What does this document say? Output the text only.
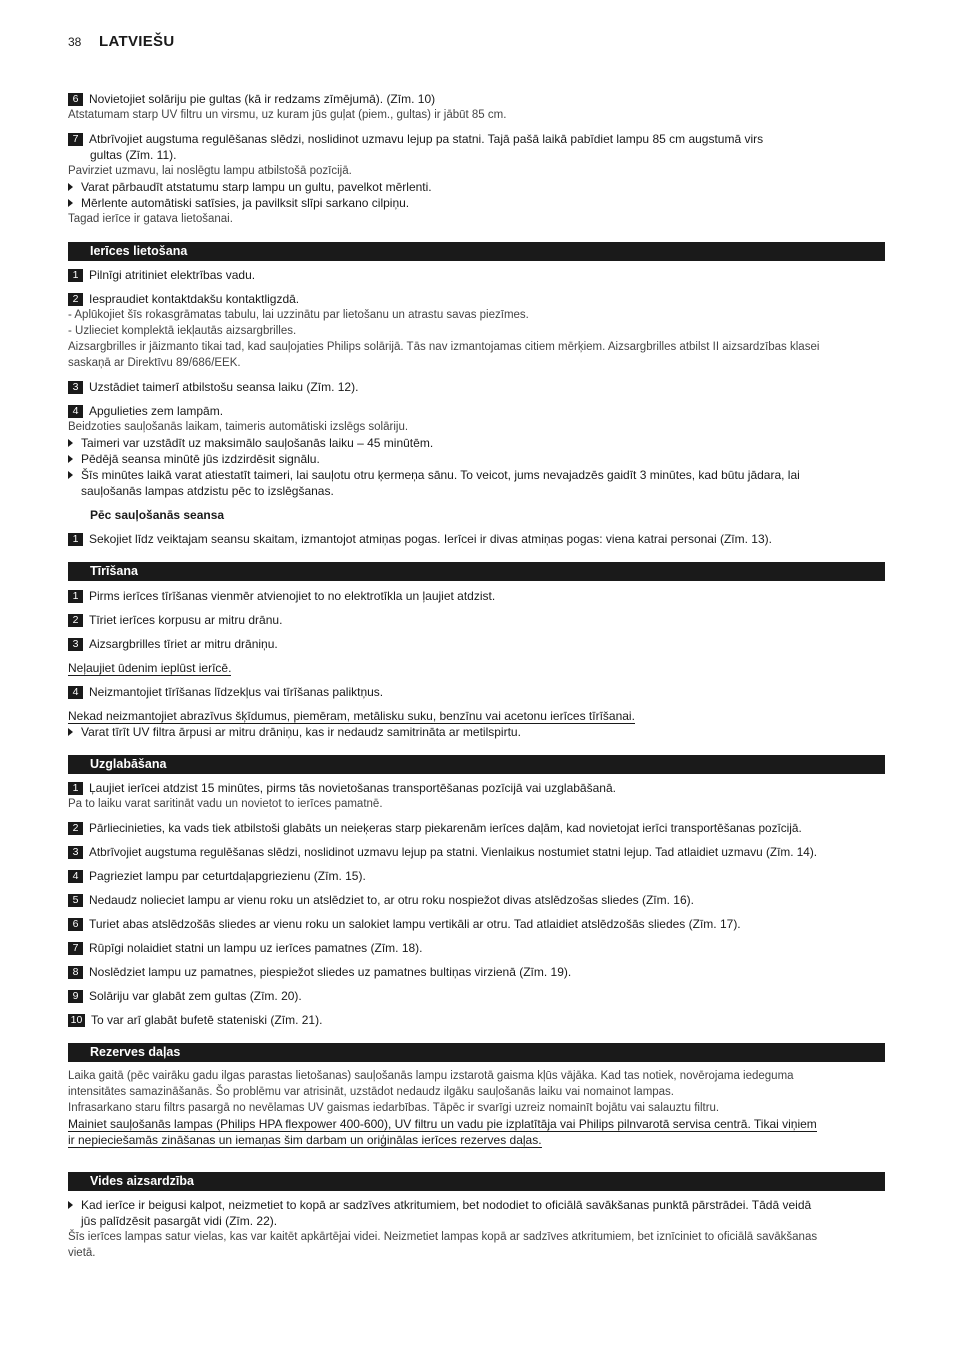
38 LATVIEŠU
6 Novietojiet solāriju pie gultas (kā ir redzams zīmējumā). (Zīm. 10)
Atstatumam starp UV filtru un virsmu, uz kuram jūs guļat (piem., gultas) ir jābūt 85 cm.
7 Atbrīvojiet augstuma regulēšanas slēdzi, noslidinot uzmavu lejup pa statni. Tajā pašā laikā pabīdiet lampu 85 cm augstumā virs
gultas (Zīm. 11).
Pavirziet uzmavu, lai noslēgtu lampu atbilstošā pozīcijā.
Varat pārbaudīt atstatumu starp lampu un gultu, pavelkot mērlenti.
Mērlente automātiski satīsies, ja pavilksit slīpi sarkano cilpiņu.
Tagad ierīce ir gatava lietošanai.
Ierīces lietošana
1 Pilnīgi atritiniet elektrības vadu.
2 Iespraudiet kontaktdakšu kontaktligzdā.
- Aplūkojiet šīs rokasgrāmatas tabulu, lai uzzinātu par lietošanu un atrastu savas piezīmes.
- Uzlieciet komplektā iekļautās aizsargbrilles.
Aizsargbrilles ir jāizmanto tikai tad, kad sauļojaties Philips solārijā. Tās nav izmantojamas citiem mērķiem. Aizsargbrilles atbilst II aizsardzības klasei
saskaņā ar Direktīvu 89/686/EEK.
3 Uzstādiet taimerī atbilstošu seansa laiku (Zīm. 12).
4 Apgulieties zem lampām.
Beidzoties sauļošanās laikam, taimeris automātiski izslēgs solāriju.
Taimeri var uzstādīt uz maksimālo sauļošanās laiku – 45 minūtēm.
Pēdējā seansa minūtē jūs izdzirdēsit signālu.
Šīs minūtes laikā varat atiestatīt taimeri, lai sauļotu otru ķermeņa sānu. To veicot, jums nevajadzēs gaidīt 3 minūtes, kad būtu jādara, lai
sauļošanās lampas atdzistu pēc to izslēgšanas.
Pēc sauļošanās seansa
1 Sekojiet līdz veiktajam seansu skaitam, izmantojot atmiņas pogas. Ierīcei ir divas atmiņas pogas: viena katrai personai (Zīm. 13).
Tīrīšana
1 Pirms ierīces tīrīšanas vienmēr atvienojiet to no elektrotīkla un ļaujiet atdzist.
2 Tīriet ierīces korpusu ar mitru drānu.
3 Aizsargbrilles tīriet ar mitru drāniņu.
Neļaujiet ūdenim ieplūst ierīcē.
4 Neizmantojiet tīrīšanas līdzekļus vai tīrīšanas paliktņus.
Nekad neizmantojiet abrazīvus šķīdumus, piemēram, metālisku suku, benzīnu vai acetonu ierīces tīrīšanai.
Varat tīrīt UV filtra ārpusi ar mitru drāniņu, kas ir nedaudz samitrināta ar metilspirtu.
Uzglabāšana
1 Ļaujiet ierīcei atdzist 15 minūtes, pirms tās novietošanas transportēšanas pozīcijā vai uzglabāšanā.
Pa to laiku varat saritināt vadu un novietot to ierīces pamatnē.
2 Pārliecinieties, ka vads tiek atbilstoši glabāts un neieķeras starp piekarenām ierīces daļām, kad novietojat ierīci transportēšanas pozīcijā.
3 Atbrīvojiet augstuma regulēšanas slēdzi, noslidinot uzmavu lejup pa statni. Vienlaikus nostumiet statni lejup. Tad atlaidiet uzmavu (Zīm. 14).
4 Pagrieziet lampu par ceturtdaļapgriezienu (Zīm. 15).
5 Nedaudz nolieciet lampu ar vienu roku un atslēdziet to, ar otru roku nospiežot divas atslēdzošas sliedes (Zīm. 16).
6 Turiet abas atslēdzošās sliedes ar vienu roku un salokiet lampu vertikāli ar otru. Tad atlaidiet atslēdzošās sliedes (Zīm. 17).
7 Rūpīgi nolaidiet statni un lampu uz ierīces pamatnes (Zīm. 18).
8 Noslēdziet lampu uz pamatnes, piespiežot sliedes uz pamatnes bultiņas virzienā (Zīm. 19).
9 Solāriju var glabāt zem gultas (Zīm. 20).
10 To var arī glabāt bufetē stateniski (Zīm. 21).
Rezerves daļas
Laika gaitā (pēc vairāku gadu ilgas parastas lietošanas) sauļošanās lampu izstarotā gaisma kļūs vājāka. Kad tas notiek, novērojama iedeguma
intensitātes samazināšanās. Šo problēmu var atrisināt, uzstādot nedaudz ilgāku sauļošanās laiku vai nomainot lampas.
Infrasarkano staru filtrs pasargā no nevēlamas UV gaismas iedarbības. Tāpēc ir svarīgi uzreiz nomainīt bojātu vai salauztu filtru.
Mainiet sauļošanās lampas (Philips HPA flexpower 400-600), UV filtru un vadu pie izplatītāja vai Philips pilnvarotā servisa centrā. Tikai viņiem
ir nepieciešamās zināšanas un iemaņas šim darbam un oriģinālas ierīces rezerves daļas.
Vides aizsardzība
Kad ierīce ir beigusi kalpot, neizmetiet to kopā ar sadzīves atkritumiem, bet nododiet to oficiālā savākšanas punktā pārstrādei. Tādā veidā
jūs palīdzēsit pasargāt vidi (Zīm. 22).
Šīs ierīces lampas satur vielas, kas var kaitēt apkārtējai videi. Neizmetiet lampas kopā ar sadzīves atkritumiem, bet iznīciniet to oficiālā savākšanas
vietā.
